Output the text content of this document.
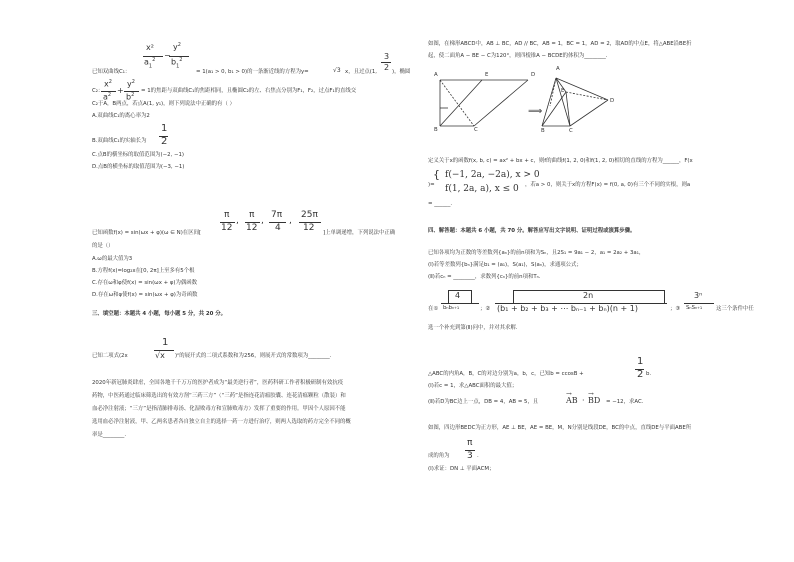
x²
$a_1^2$
$y^2$
$b_1^2$
−
已知双曲线C₁：	= 1(a₁ > 0, b₁ > 0)的一条渐近线的方程为y=	√3 x，且过点(1,
3
2 )，椭圆
$x^2$
$a^2$ +
$y^2$
$b^2$
C₂：	= 1的焦距与双曲线C₁的焦距相同，且椭圆C₂的左、右焦点分别为F₁，F₂，过点F₁的直线交
C₂于A，B两点，若点A(1, y₁)，则下列说法中正确的有（ ）
A.双曲线C₁的离心率为2
1
2
B.双曲线C₁的实轴长为
C.点B的横坐标的取值范围为(−2, −1)
D.点B的横坐标的取值范围为(−3, −1)
π
12
,
π
12
,
7π
4
,
25π
12
已知函数f(x) = sin(ωx + φ)(ω ∈ N)在区间[	]上单调递增，下列说法中正确
的是（）
A.ω的最大值为3
B.方程f(x)=log₂x在[0, 2π]上至多有5个根
C.存在ω和φ使f(x) = sin(ωx + φ)为偶函数
D.存在ω和φ使f(x) = sin(ωx + φ)为奇函数
三、填空题：本题共 4 小题，每小题 5 分，共 20 分。
1
已知二项式(2x	√x )ⁿ的展开式的二项式系数和为256，则展开式的常数项为________.
2020年新冠肺炎肆虐，全国各地千千万万的医护者成为“最美逆行者”，医药科研工作者积极研制有效抗疫
药物，中医药通过临床筛选出的有效方剂“三药三方”（“三药”是指连花清瘟胶囊、连花清瘟颗粒（散装）和
血必净注射液；“三方”是指清肺排毒汤、化湿败毒方和宣肺败毒方）发挥了重要的作用。甲因个人原因不能
选用血必净注射液，甲、乙两名患者各自独立自主的选择一药一方进行治疗，则两人选取的药方完全不同的概
率是________.
如图，在梯形ABCD中，AB ⊥ BC，AD // BC，AB = 1，BC = 1，AD = 2，取AD的中点E，将△ABE沿BE折
起，使二面角A − BE − C为120°，则四棱锥A − BCDE的体积为________.
A	E	D
B	C
⟹
A
E
B	C
D
定义关于x的函数f(x, b, c) = ax² + bx + c，则f的曲线f(1, 2, 0)和f(1, 2, 0)相切的直线的方程为______，F(x
{ f(−1, 2a, −2a), x > 0
f(1, 2a, a), x ≤ 0
)=	，若a > 0，则关于x的方程F(x) = f(0, a, 0)有三个不同的实根，则a
= ______.
四、解答题：本题共 6 小题，共 70 分。解答应写出文字说明、证明过程或演算步骤。
已知各项均为正数的等差数列{aₙ}的前n项和为Sₙ，且2S₁ = 9a₁ − 2，a₁ = 2a₂ + 3a₁，
(Ⅰ)若等差数列{bₙ}满足b₁ = (a₁)，S(a₁)，S(aₙ)，求通项公式；
(Ⅱ)若cₙ = ________，求数列{cₙ}的前n项和Tₙ.
在①
4
bₙbₙ₊₁	；②
2n
(b₁ + b₂ + b₃ + ⋯ bₙ₋₁ + bₙ)(n + 1)	；③
3ⁿ
SₙSₙ₊₁	这三个条件中任
选一个补充到第(Ⅱ)问中，并对其求解.
1
2
△ABC的内角A，B，C的对边分别为a，b，c，已知b = ccosB +	b.
(Ⅰ)若c = 1，求△ABC面积的最大值；
(Ⅱ)若D为BC边上一点，DB = 4，AB = 5，且
→
AB ·
→
BD = −12，求AC.
如图，四边形BEDC为正方形，AE ⊥ BE，AE = BE，M，N分别是线段DE，BC的中点，直线DE与平面ABE所
π
3
成的角为	.
(Ⅰ)求证：DN ⊥ 平面ACM；
